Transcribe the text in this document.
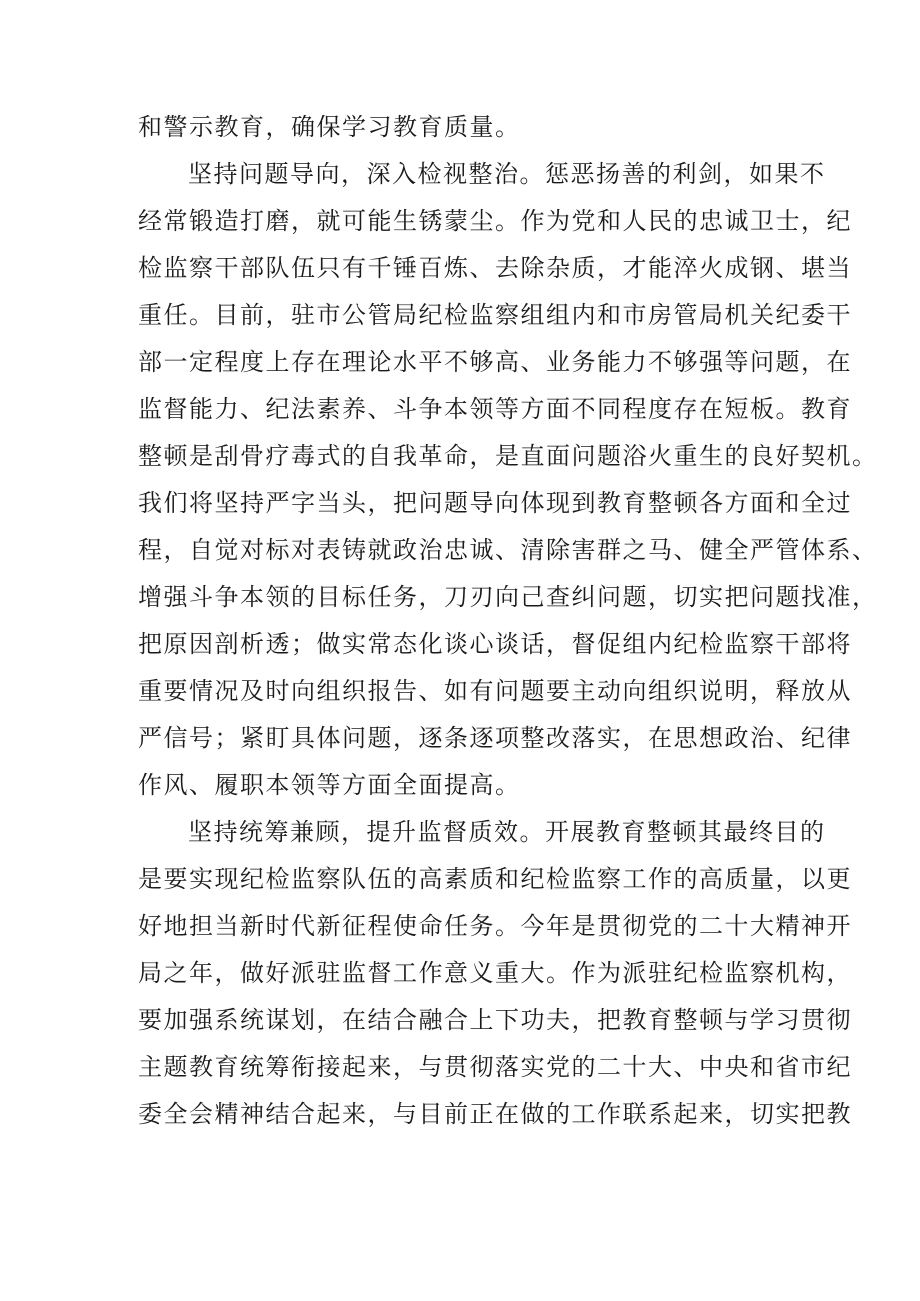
和警示教育，确保学习教育质量。
坚持问题导向，深入检视整治。惩恶扬善的利剑，如果不
经常锻造打磨，就可能生锈蒙尘。作为党和人民的忠诚卫士，纪
检监察干部队伍只有千锤百炼、去除杂质，才能淬火成钢、堪当
重任。目前，驻市公管局纪检监察组组内和市房管局机关纪委干
部一定程度上存在理论水平不够高、业务能力不够强等问题，在
监督能力、纪法素养、斗争本领等方面不同程度存在短板。教育
整顿是刮骨疗毒式的自我革命，是直面问题浴火重生的良好契机。
我们将坚持严字当头，把问题导向体现到教育整顿各方面和全过
程，自觉对标对表铸就政治忠诚、清除害群之马、健全严管体系、
增强斗争本领的目标任务，刀刃向己查纠问题，切实把问题找准，
把原因剖析透；做实常态化谈心谈话，督促组内纪检监察干部将
重要情况及时向组织报告、如有问题要主动向组织说明，释放从
严信号；紧盯具体问题，逐条逐项整改落实，在思想政治、纪律
作风、履职本领等方面全面提高。
坚持统筹兼顾，提升监督质效。开展教育整顿其最终目的
是要实现纪检监察队伍的高素质和纪检监察工作的高质量，以更
好地担当新时代新征程使命任务。今年是贯彻党的二十大精神开
局之年，做好派驻监督工作意义重大。作为派驻纪检监察机构，
要加强系统谋划，在结合融合上下功夫，把教育整顿与学习贯彻
主题教育统筹衔接起来，与贯彻落实党的二十大、中央和省市纪
委全会精神结合起来，与目前正在做的工作联系起来，切实把教
